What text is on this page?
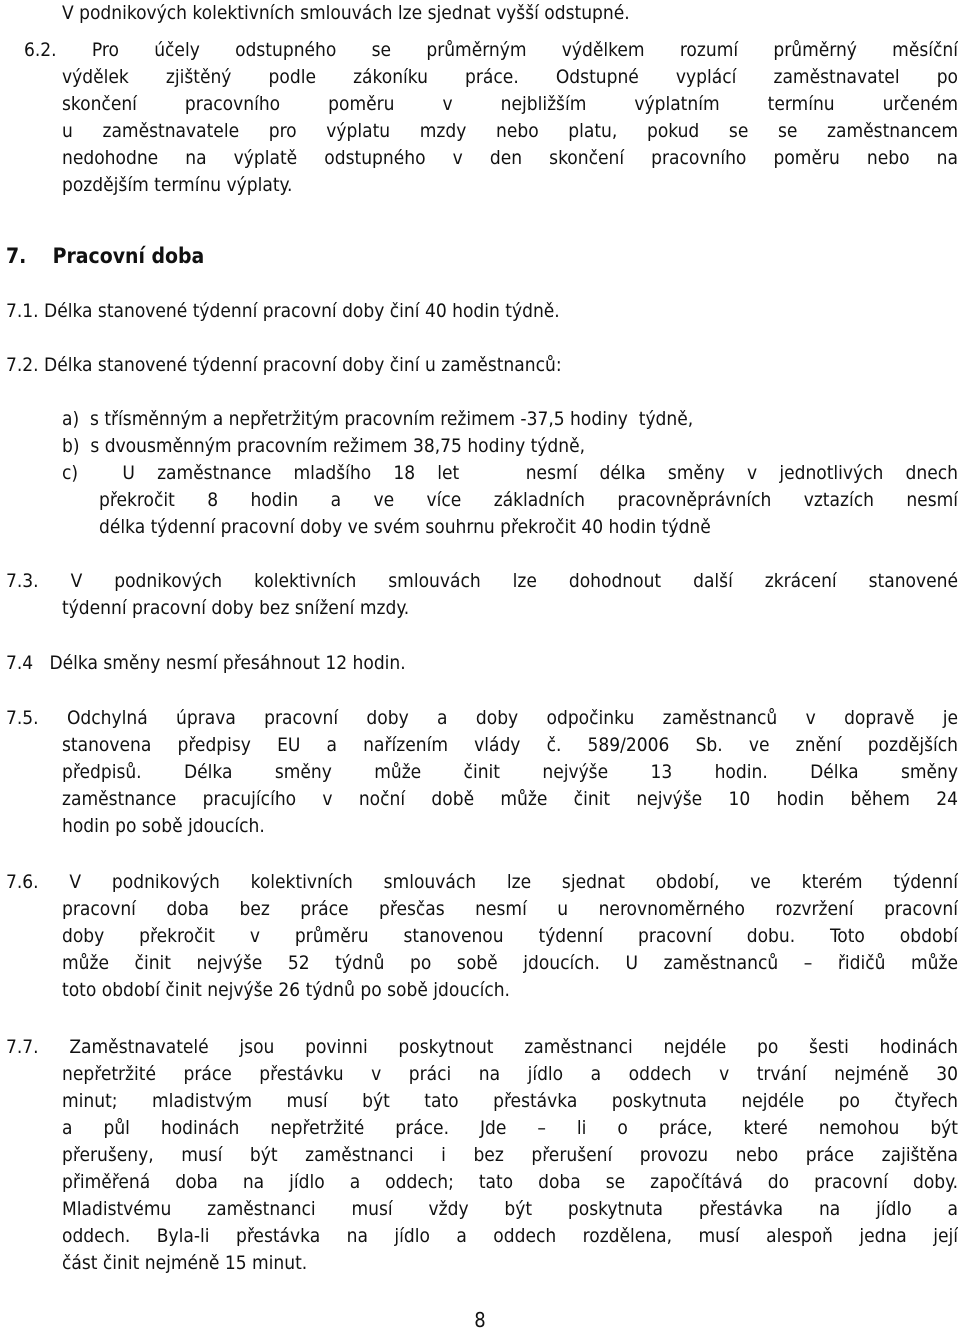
V podnikových kolektivních smlouvách lze sjednat vyšší odstupné.
6.2. Pro účely odstupného se průměrným výdělkem rozumí průměrný měsíční
výdělek zjištěný podle zákoníku práce. Odstupné vyplácí zaměstnavatel po
skončení pracovního poměru v nejbližším výplatním termínu určeném
u zaměstnavatele pro výplatu mzdy nebo platu, pokud se se zaměstnancem
nedohodne na výplatě odstupného v den skončení pracovního poměru nebo na
pozdějším termínu výplaty.
7.    Pracovní doba
7.1. Délka stanovené týdenní pracovní doby činí 40 hodin týdně.
7.2. Délka stanovené týdenní pracovní doby činí u zaměstnanců:
a)  s třísměnným a nepřetržitým pracovním režimem -37,5 hodiny  týdně,
b)  s dvousměnným pracovním režimem 38,75 hodiny týdně,
c)  U zaměstnance mladšího 18 let   nesmí délka směny v jednotlivých dnech
překročit 8 hodin a ve více základních pracovněprávních vztazích nesmí
délka týdenní pracovní doby ve svém souhrnu překročit 40 hodin týdně
7.3. V podnikových kolektivních smlouvách lze dohodnout další zkrácení stanovené
týdenní pracovní doby bez snížení mzdy.
7.4   Délka směny nesmí přesáhnout 12 hodin.
7.5. Odchylná úprava pracovní doby a doby odpočinku zaměstnanců v dopravě je
stanovena předpisy EU a nařízením vlády č. 589/2006 Sb. ve znění pozdějších
předpisů. Délka směny může činit nejvýše 13 hodin. Délka směny
zaměstnance pracujícího v noční době může činit nejvýše 10 hodin během 24
hodin po sobě jdoucích.
7.6. V podnikových kolektivních smlouvách lze sjednat období, ve kterém týdenní
pracovní doba bez práce přesčas nesmí u nerovnoměrného rozvržení pracovní
doby překročit v průměru stanovenou týdenní pracovní dobu. Toto období
může činit nejvýše 52 týdnů po sobě jdoucích. U zaměstnanců – řidičů může
toto období činit nejvýše 26 týdnů po sobě jdoucích.
7.7. Zaměstnavatelé jsou povinni poskytnout zaměstnanci nejdéle po šesti hodinách
nepřetržité práce přestávku v práci na jídlo a oddech v trvání nejméně 30
minut; mladistvým musí být tato přestávka poskytnuta nejdéle po čtyřech
a půl hodinách nepřetržité práce. Jde – li o práce, které nemohou být
přerušeny, musí být zaměstnanci i bez přerušení provozu nebo práce zajištěna
přiměřená doba na jídlo a oddech; tato doba se započítává do pracovní doby.
Mladistvému zaměstnanci musí vždy být poskytnuta přestávka na jídlo a
oddech. Byla-li přestávka na jídlo a oddech rozdělena, musí alespoň jedna její
část činit nejméně 15 minut.
8
